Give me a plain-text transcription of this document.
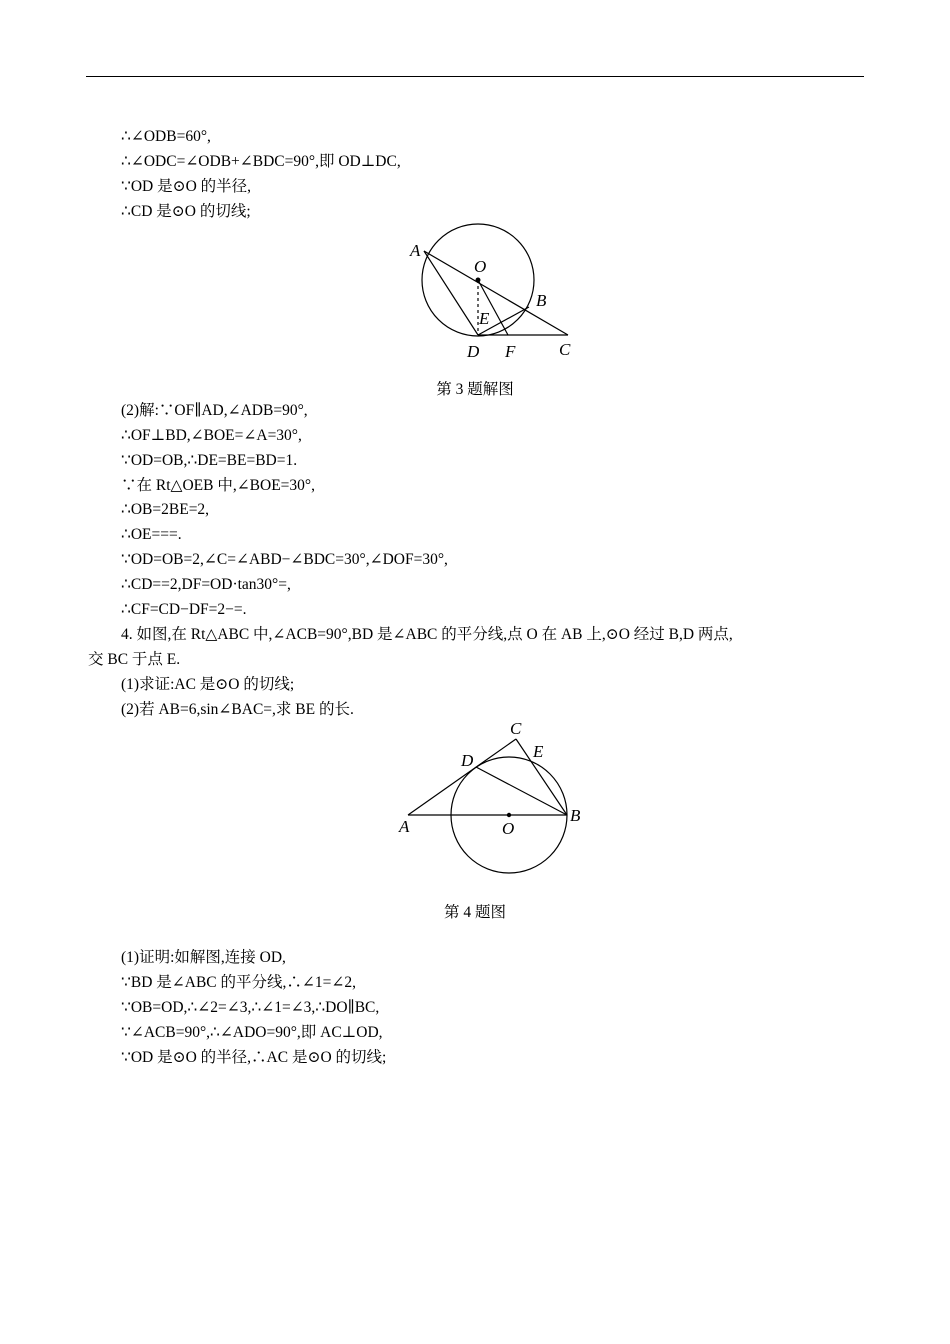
∴∠ODB=60°,
∴∠ODC=∠ODB+∠BDC=90°,即 OD⊥DC,
∵OD 是⊙O 的半径,
∴CD 是⊙O 的切线;
A
O
B
E
D F	C
C
E
D
A	O
B
第 3 题解图
(2)解:∵OF∥AD,∠ADB=90°,
∴OF⊥BD,∠BOE=∠A=30°,
∵OD=OB,∴DE=BE=BD=1.
∵在 Rt△OEB 中,∠BOE=30°,
∴OB=2BE=2,
∴OE===.
∵OD=OB=2,∠C=∠ABD−∠BDC=30°,∠DOF=30°,
∴CD==2,DF=OD·tan30°=,
∴CF=CD−DF=2−=.
4. 如图,在 Rt△ABC 中,∠ACB=90°,BD 是∠ABC 的平分线,点 O 在 AB 上,⊙O 经过 B,D 两点,
交 BC 于点 E.
(1)求证:AC 是⊙O 的切线;
(2)若 AB=6,sin∠BAC=,求 BE 的长.
第 4 题图
(1)证明:如解图,连接 OD,
∵BD 是∠ABC 的平分线,∴∠1=∠2,
∵OB=OD,∴∠2=∠3,∴∠1=∠3,∴DO∥BC,
∵∠ACB=90°,∴∠ADO=90°,即 AC⊥OD,
∵OD 是⊙O 的半径,∴AC 是⊙O 的切线;
